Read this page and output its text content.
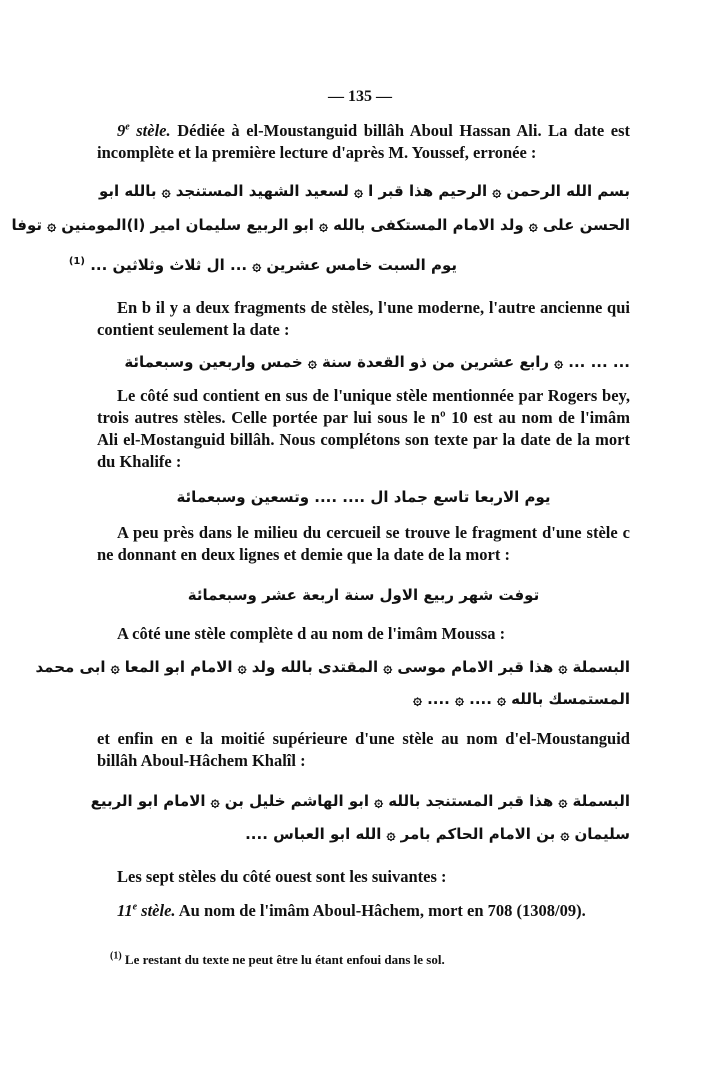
— 135 —

9e stèle. Dédiée à el-Moustanguid billâh Aboul Hassan Ali. La date est incomplète et la première lecture d'après M. Youssef, erronée :

بسم الله الرحمن ۞ الرحيم هذا قبر ا ۞ لسعيد الشهيد المستنجد ۞ بالله ابو

الحسن على ۞ ولد الامام المستكفى بالله ۞ ابو الربيع سليمان امير (ا)المومنين ۞ توفا

يوم السبت خامس عشرين ۞ ... ال ثلاث وثلاثين ... $^{(1)}$

En b il y a deux fragments de stèles, l'une moderne, l'autre ancienne qui contient seulement la date :

... ... ... ۞ رابع عشرين من ذو القعدة سنة ۞ خمس واربعين وسبعمائة

Le côté sud contient en sus de l'unique stèle mentionnée par Rogers bey, trois autres stèles. Celle portée par lui sous le nº 10 est au nom de l'imâm Ali el-Mostanguid billâh. Nous complétons son texte par la date de la mort du Khalife :

يوم الاربعا تاسع جماد ال .... .... وتسعين وسبعمائة

A peu près dans le milieu du cercueil se trouve le fragment d'une stèle c ne donnant en deux lignes et demie que la date de la mort :

توفت شهر ربيع الاول سنة اربعة عشر وسبعمائة

A côté une stèle complète d au nom de l'imâm Moussa :

البسملة ۞ هذا قبر الامام موسى ۞ المقتدى بالله ولد ۞ الامام ابو المعا ۞ ابى محمد

المستمسك بالله ۞ .... ۞ .... ۞

et enfin en e la moitié supérieure d'une stèle au nom d'el-Moustanguid billâh Aboul-Hâchem Khalîl :

البسملة ۞ هذا قبر المستنجد بالله ۞ ابو الهاشم خليل بن ۞ الامام ابو الربيع

سليمان ۞ بن الامام الحاكم بامر ۞ الله ابو العباس ....

Les sept stèles du côté ouest sont les suivantes :

11e stèle. Au nom de l'imâm Aboul-Hâchem, mort en 708 (1308/09).

$^{(1)}$ Le restant du texte ne peut être lu étant enfoui dans le sol.
